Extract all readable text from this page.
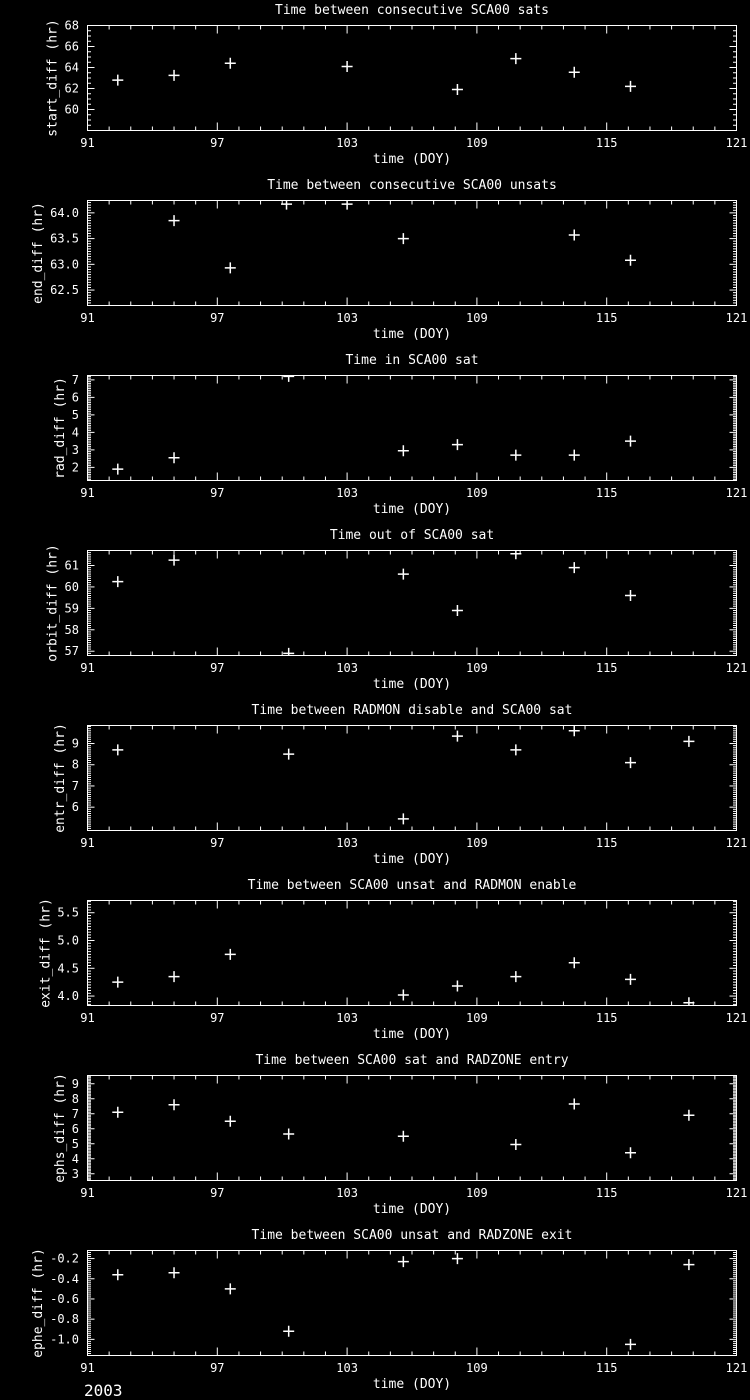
Time between consecutive SCA00 sats
91	97	103	109	115	121
60
62
64
66
68
time (DOY)
start_diff (hr)
Time between consecutive SCA00 unsats
91	97	103	109	115	121
62.5
63.0
63.5
64.0
time (DOY)
end_diff (hr)
Time in SCA00 sat
91	97	103	109	115	121
2
3
4
5
6
7
time (DOY)
rad_diff (hr)
Time out of SCA00 sat
91	97	103	109	115	121
57
58
59
60
61
time (DOY)
orbit_diff (hr)
Time between RADMON disable and SCA00 sat
91	97	103	109	115	121
6
7
8
9
time (DOY)
entr_diff (hr)
Time between SCA00 unsat and RADMON enable
91	97	103	109	115	121
4.0
4.5
5.0
5.5
time (DOY)
exit_diff (hr)
Time between SCA00 sat and RADZONE entry
91	97	103	109	115	121
3
4
5
6
7
8
9
time (DOY)
ephs_diff (hr)
Time between SCA00 unsat and RADZONE exit
91	97	103	109	115	121
-1.0
-0.8
-0.6
-0.4
-0.2
time (DOY)
ephe_diff (hr)
2003
